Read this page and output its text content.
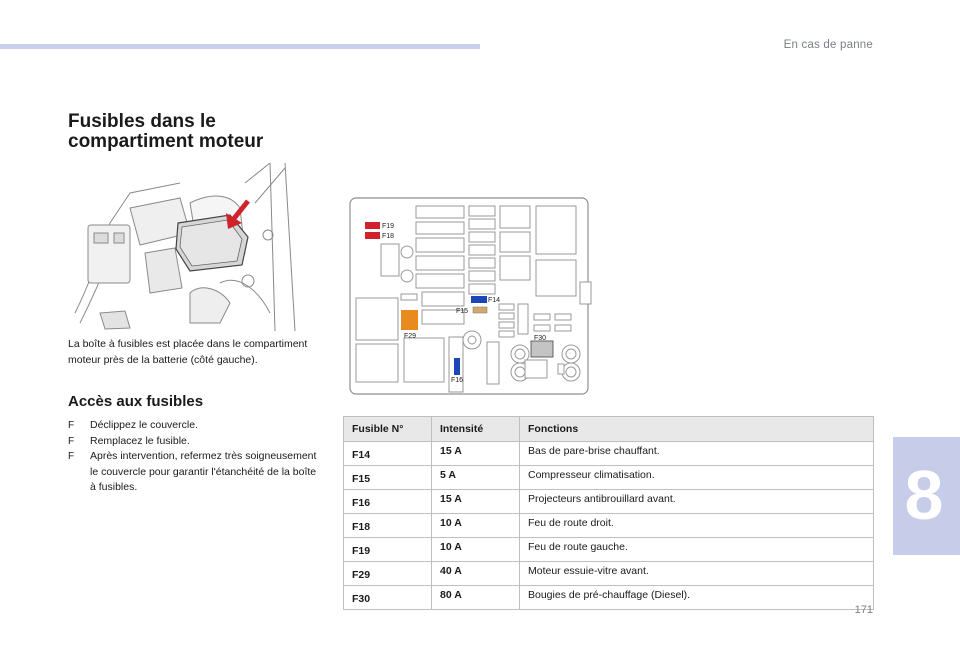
En cas de panne
Fusibles dans le compartiment moteur

La boîte à fusibles est placée dans le compartiment moteur près de la batterie (côté gauche).

Accès aux fusibles
F Déclippez le couvercle.
F Remplacez le fusible.
F Après intervention, refermez très soigneusement le couvercle pour garantir l'étanchéité de la boîte à fusibles.
F19
F18
F14
F15
F29	F30
F16
Fusible N°	Intensité	Fonctions
F14	15 A	Bas de pare-brise chauffant.
F15	5 A	Compresseur climatisation.
F16	15 A	Projecteurs antibrouillard avant.
F18	10 A	Feu de route droit.
F19	10 A	Feu de route gauche.
F29	40 A	Moteur essuie-vitre avant.
F30	80 A	Bougies de pré-chauffage (Diesel).
8
171
